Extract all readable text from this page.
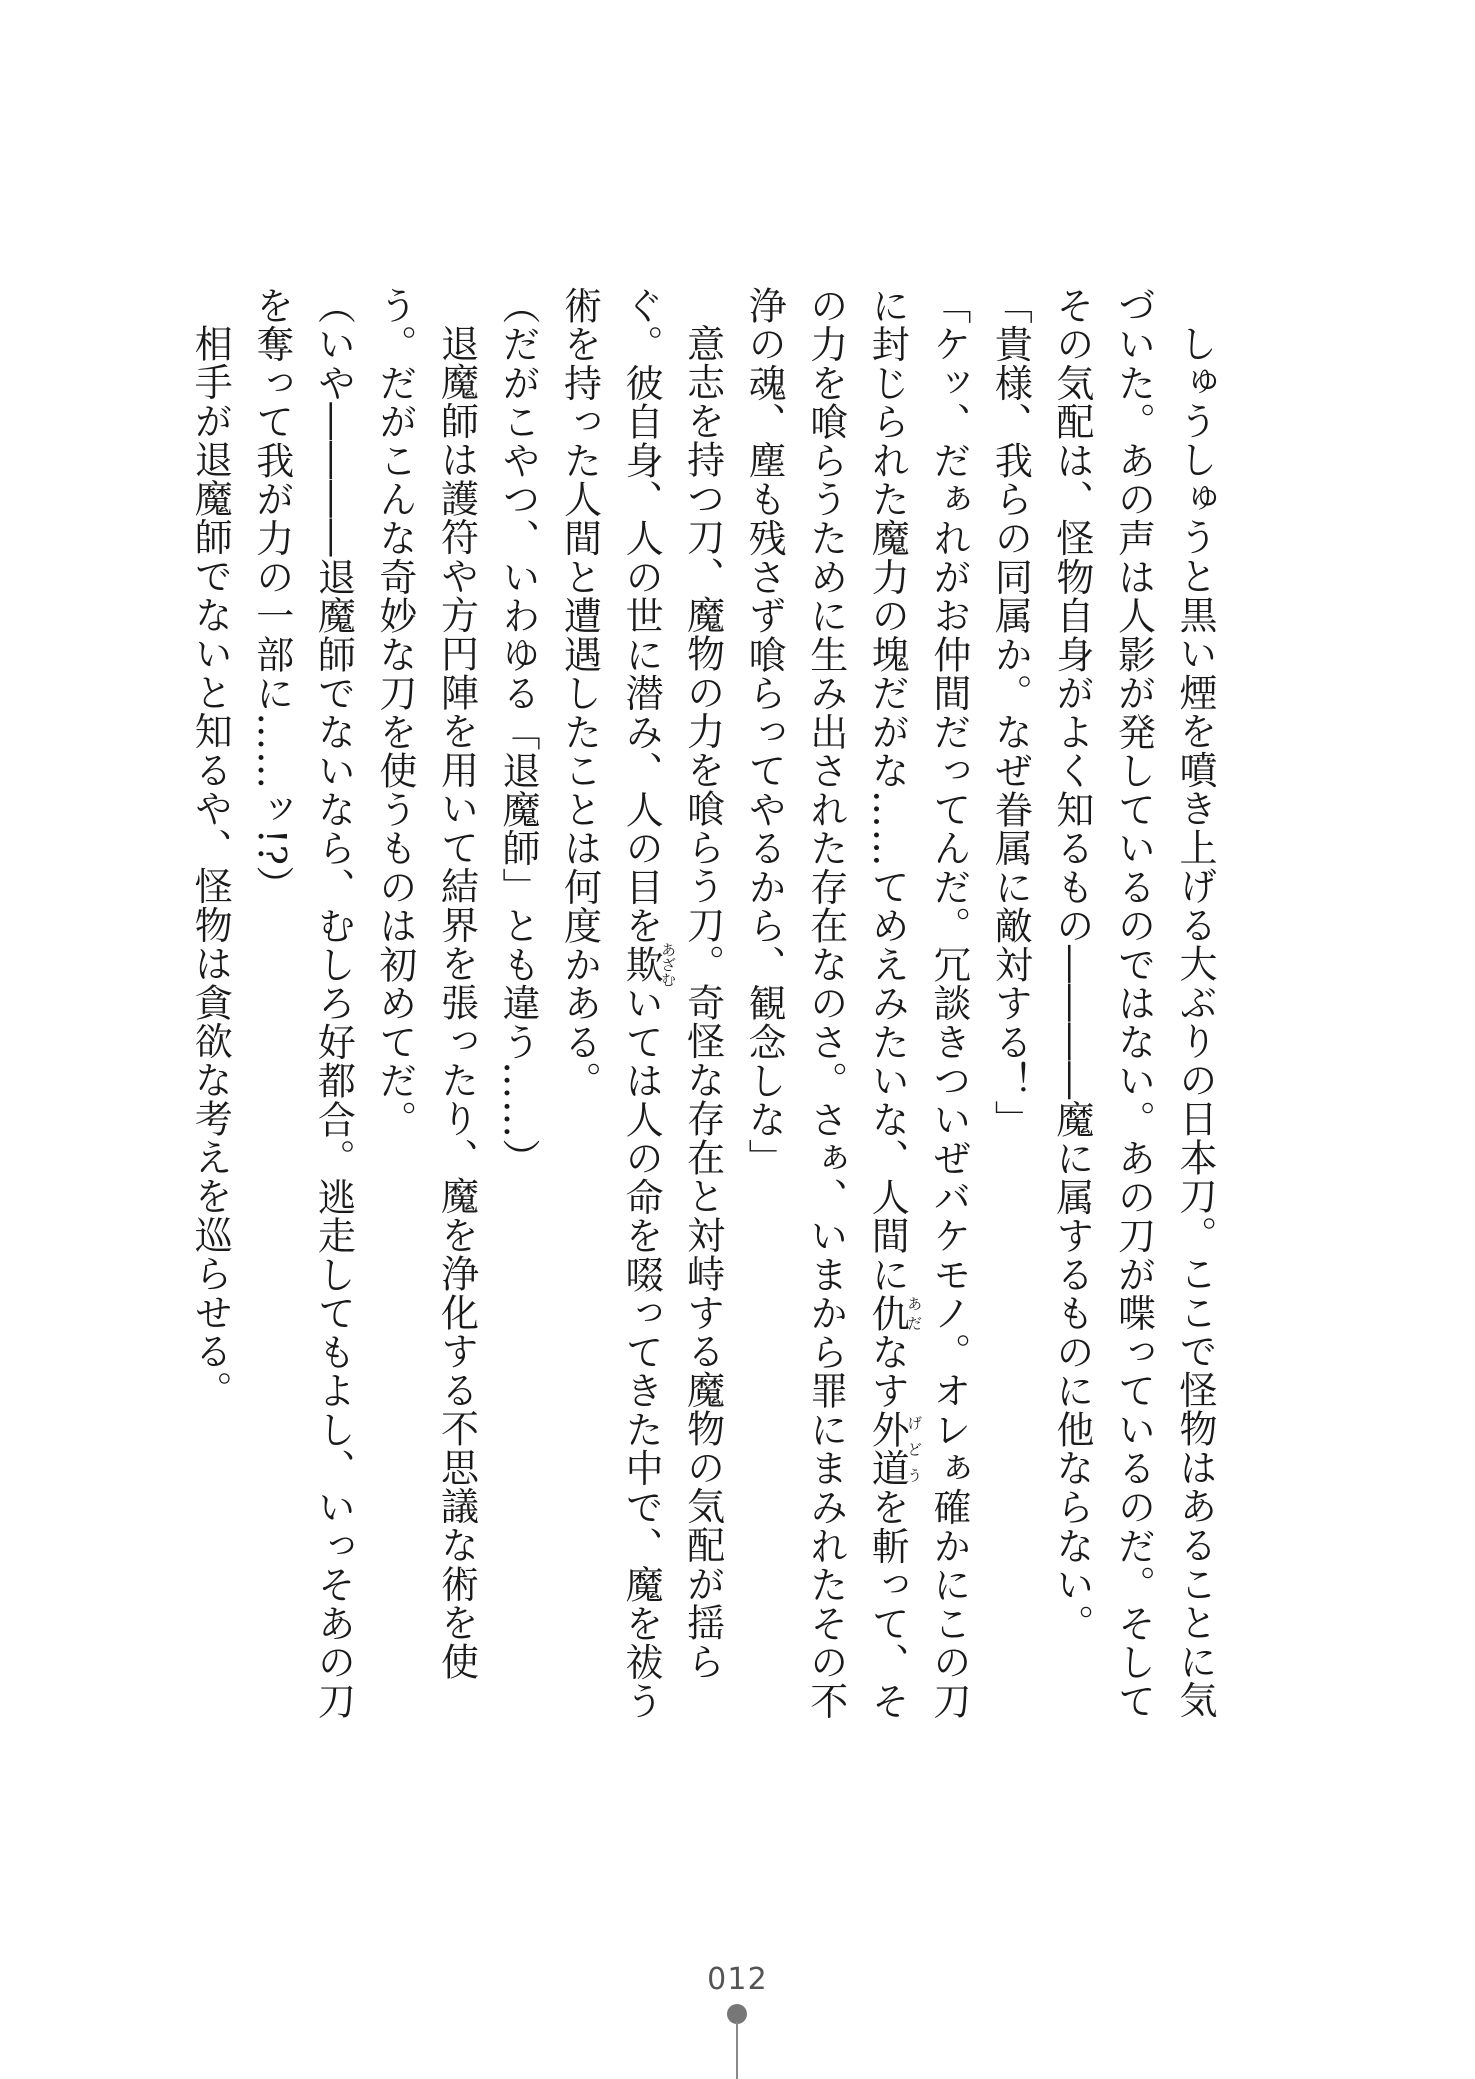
しゅうしゅうと黒い煙を噴き上げる大ぶりの日本刀。ここで怪物はあることに気づいた。あの声は人影が発しているのではない。あの刀が喋っているのだ。そしてその気配は、怪物自身がよく知るもの――――魔に属するものに他ならない。

「貴様、我らの同属か。なぜ眷属に敵対する！」

「ケッ、だぁれがお仲間だってんだ。冗談きついぜバケモノ。オレぁ確かにこの刀に封じられた魔力の塊だがな……てめえみたいな、人間に仇あだなす外道げどうを斬って、その力を喰らうために生み出された存在なのさ。さぁ、いまから罪にまみれたその不浄の魂、塵も残さず喰らってやるから、観念しな」

意志を持つ刀、魔物の力を喰らう刀。奇怪な存在と対峙する魔物の気配が揺らぐ。彼自身、人の世に潜み、人の目を欺あざむいては人の命を啜ってきた中で、魔を祓う術を持った人間と遭遇したことは何度かある。

（だがこやつ、いわゆる「退魔師」とも違う……）

退魔師は護符や方円陣を用いて結界を張ったり、魔を浄化する不思議な術を使う。だがこんな奇妙な刀を使うものは初めてだ。

（いや――――退魔師でないなら、むしろ好都合。逃走してもよし、いっそあの刀を奪って我が力の一部に……ッ!?）

相手が退魔師でないと知るや、怪物は貪欲な考えを巡らせる。

012
